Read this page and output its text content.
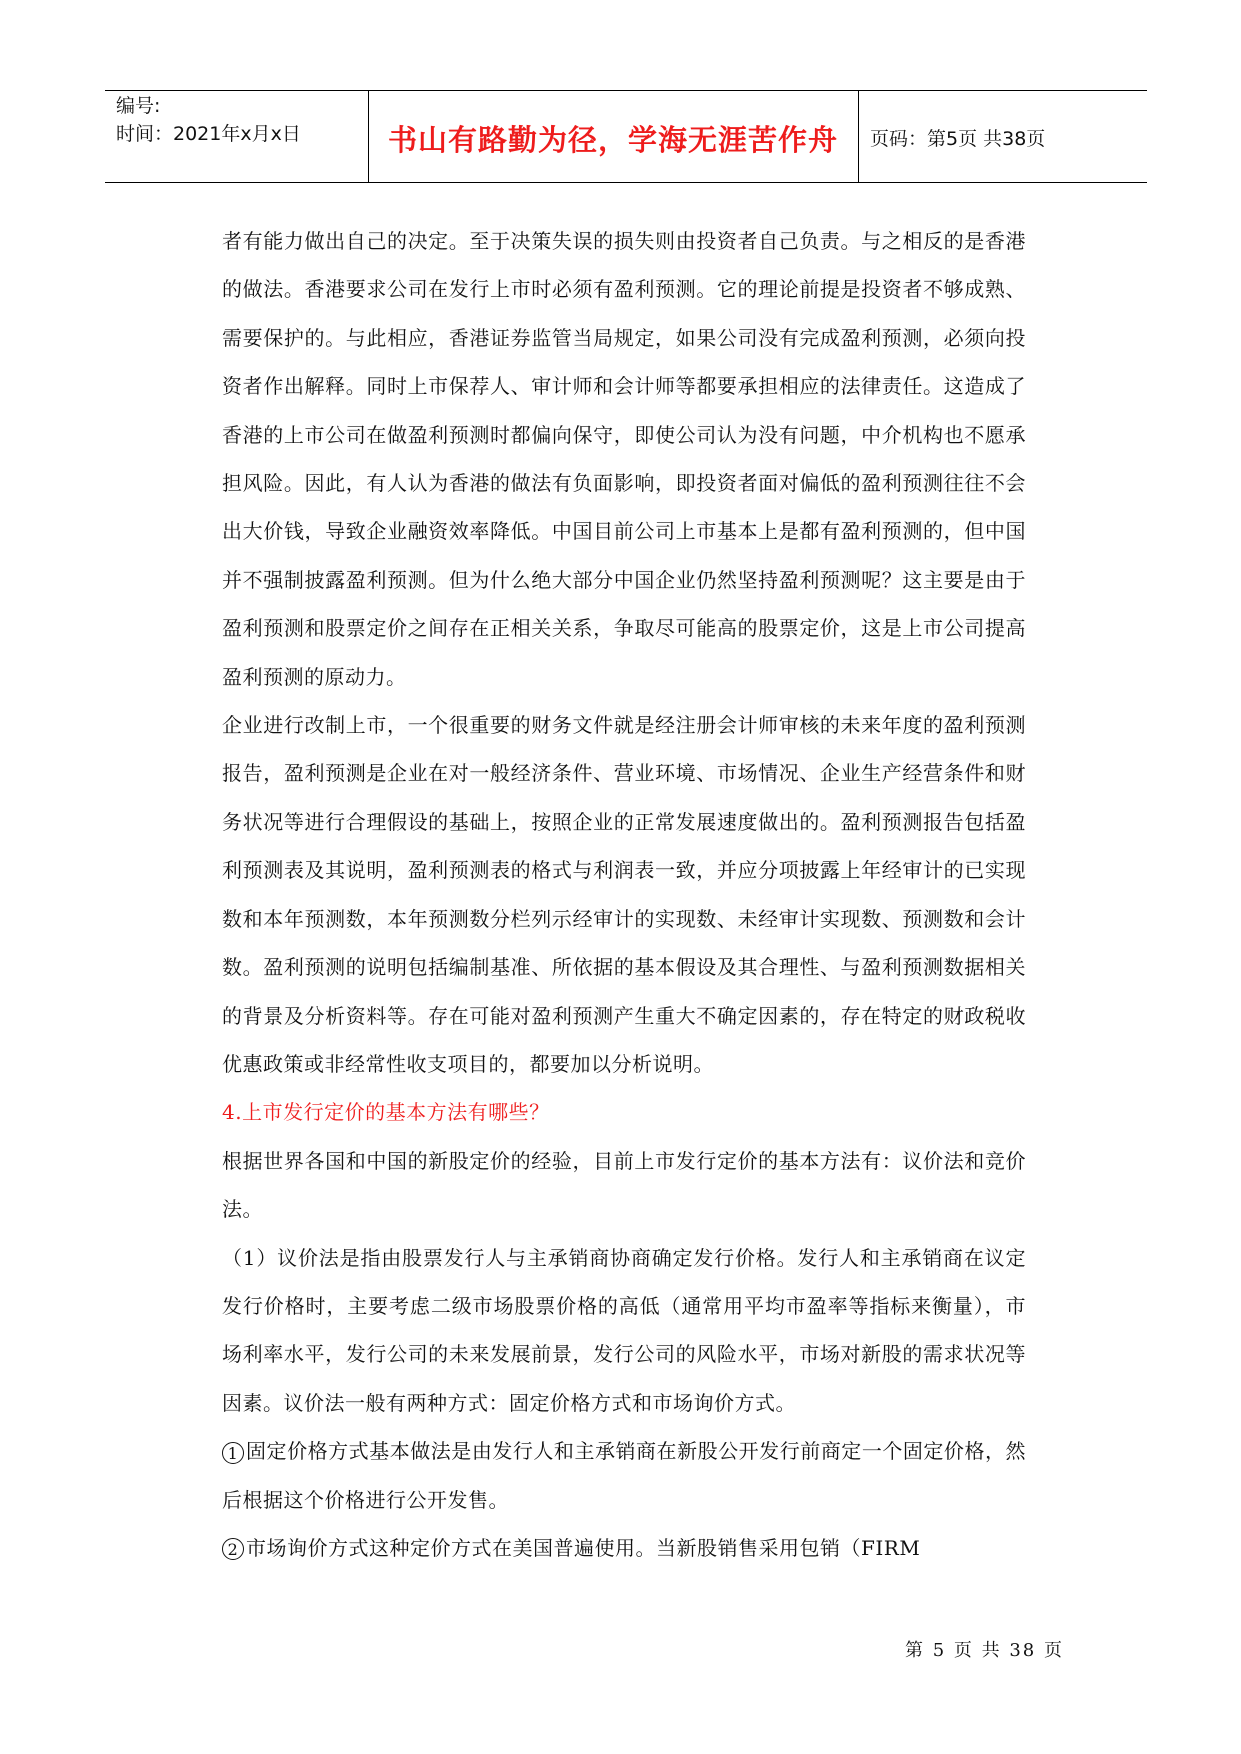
编号:
时间：2021年x月x日	书山有路勤为径，学海无涯苦作舟	页码：第5页 共38页

者有能力做出自己的决定。至于决策失误的损失则由投资者自己负责。与之相反的是香港的做法。香港要求公司在发行上市时必须有盈利预测。它的理论前提是投资者不够成熟、需要保护的。与此相应，香港证券监管当局规定，如果公司没有完成盈利预测，必须向投资者作出解释。同时上市保荐人、审计师和会计师等都要承担相应的法律责任。这造成了香港的上市公司在做盈利预测时都偏向保守，即使公司认为没有问题，中介机构也不愿承担风险。因此，有人认为香港的做法有负面影响，即投资者面对偏低的盈利预测往往不会出大价钱，导致企业融资效率降低。中国目前公司上市基本上是都有盈利预测的，但中国并不强制披露盈利预测。但为什么绝大部分中国企业仍然坚持盈利预测呢？这主要是由于盈利预测和股票定价之间存在正相关关系，争取尽可能高的股票定价，这是上市公司提高盈利预测的原动力。

企业进行改制上市，一个很重要的财务文件就是经注册会计师审核的未来年度的盈利预测报告，盈利预测是企业在对一般经济条件、营业环境、市场情况、企业生产经营条件和财务状况等进行合理假设的基础上，按照企业的正常发展速度做出的。盈利预测报告包括盈利预测表及其说明，盈利预测表的格式与利润表一致，并应分项披露上年经审计的已实现数和本年预测数，本年预测数分栏列示经审计的实现数、未经审计实现数、预测数和会计数。盈利预测的说明包括编制基准、所依据的基本假设及其合理性、与盈利预测数据相关的背景及分析资料等。存在可能对盈利预测产生重大不确定因素的，存在特定的财政税收优惠政策或非经常性收支项目的，都要加以分析说明。

4.上市发行定价的基本方法有哪些？

根据世界各国和中国的新股定价的经验，目前上市发行定价的基本方法有：议价法和竞价法。

（1）议价法是指由股票发行人与主承销商协商确定发行价格。发行人和主承销商在议定发行价格时，主要考虑二级市场股票价格的高低（通常用平均市盈率等指标来衡量），市场利率水平，发行公司的未来发展前景，发行公司的风险水平，市场对新股的需求状况等因素。议价法一般有两种方式：固定价格方式和市场询价方式。

1 固定价格方式基本做法是由发行人和主承销商在新股公开发行前商定一个固定价格，然后根据这个价格进行公开发售。

2 市场询价方式这种定价方式在美国普遍使用。当新股销售采用包销（FIRM

第 5 页 共 38 页
